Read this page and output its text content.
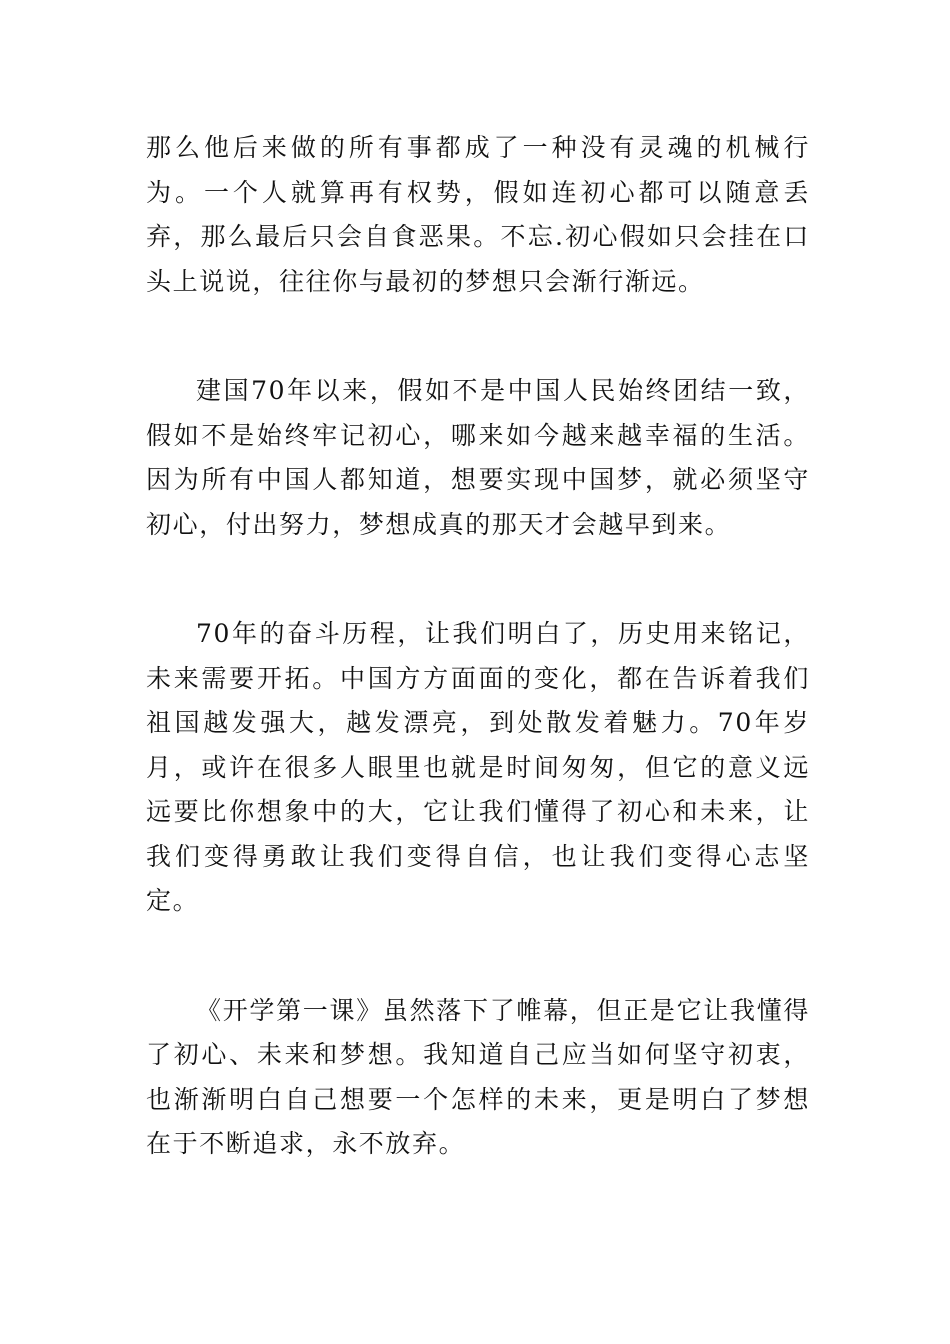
那么他后来做的所有事都成了一种没有灵魂的机械行为。一个人就算再有权势，假如连初心都可以随意丢弃，那么最后只会自食恶果。不忘.初心假如只会挂在口头上说说，往往你与最初的梦想只会渐行渐远。

建国70年以来，假如不是中国人民始终团结一致，假如不是始终牢记初心，哪来如今越来越幸福的生活。因为所有中国人都知道，想要实现中国梦，就必须坚守初心，付出努力，梦想成真的那天才会越早到来。

70年的奋斗历程，让我们明白了，历史用来铭记，未来需要开拓。中国方方面面的变化，都在告诉着我们祖国越发强大，越发漂亮，到处散发着魅力。70年岁月，或许在很多人眼里也就是时间匆匆，但它的意义远远要比你想象中的大，它让我们懂得了初心和未来，让我们变得勇敢让我们变得自信，也让我们变得心志坚定。

《开学第一课》虽然落下了帷幕，但正是它让我懂得了初心、未来和梦想。我知道自己应当如何坚守初衷，也渐渐明白自己想要一个怎样的未来，更是明白了梦想在于不断追求，永不放弃。
